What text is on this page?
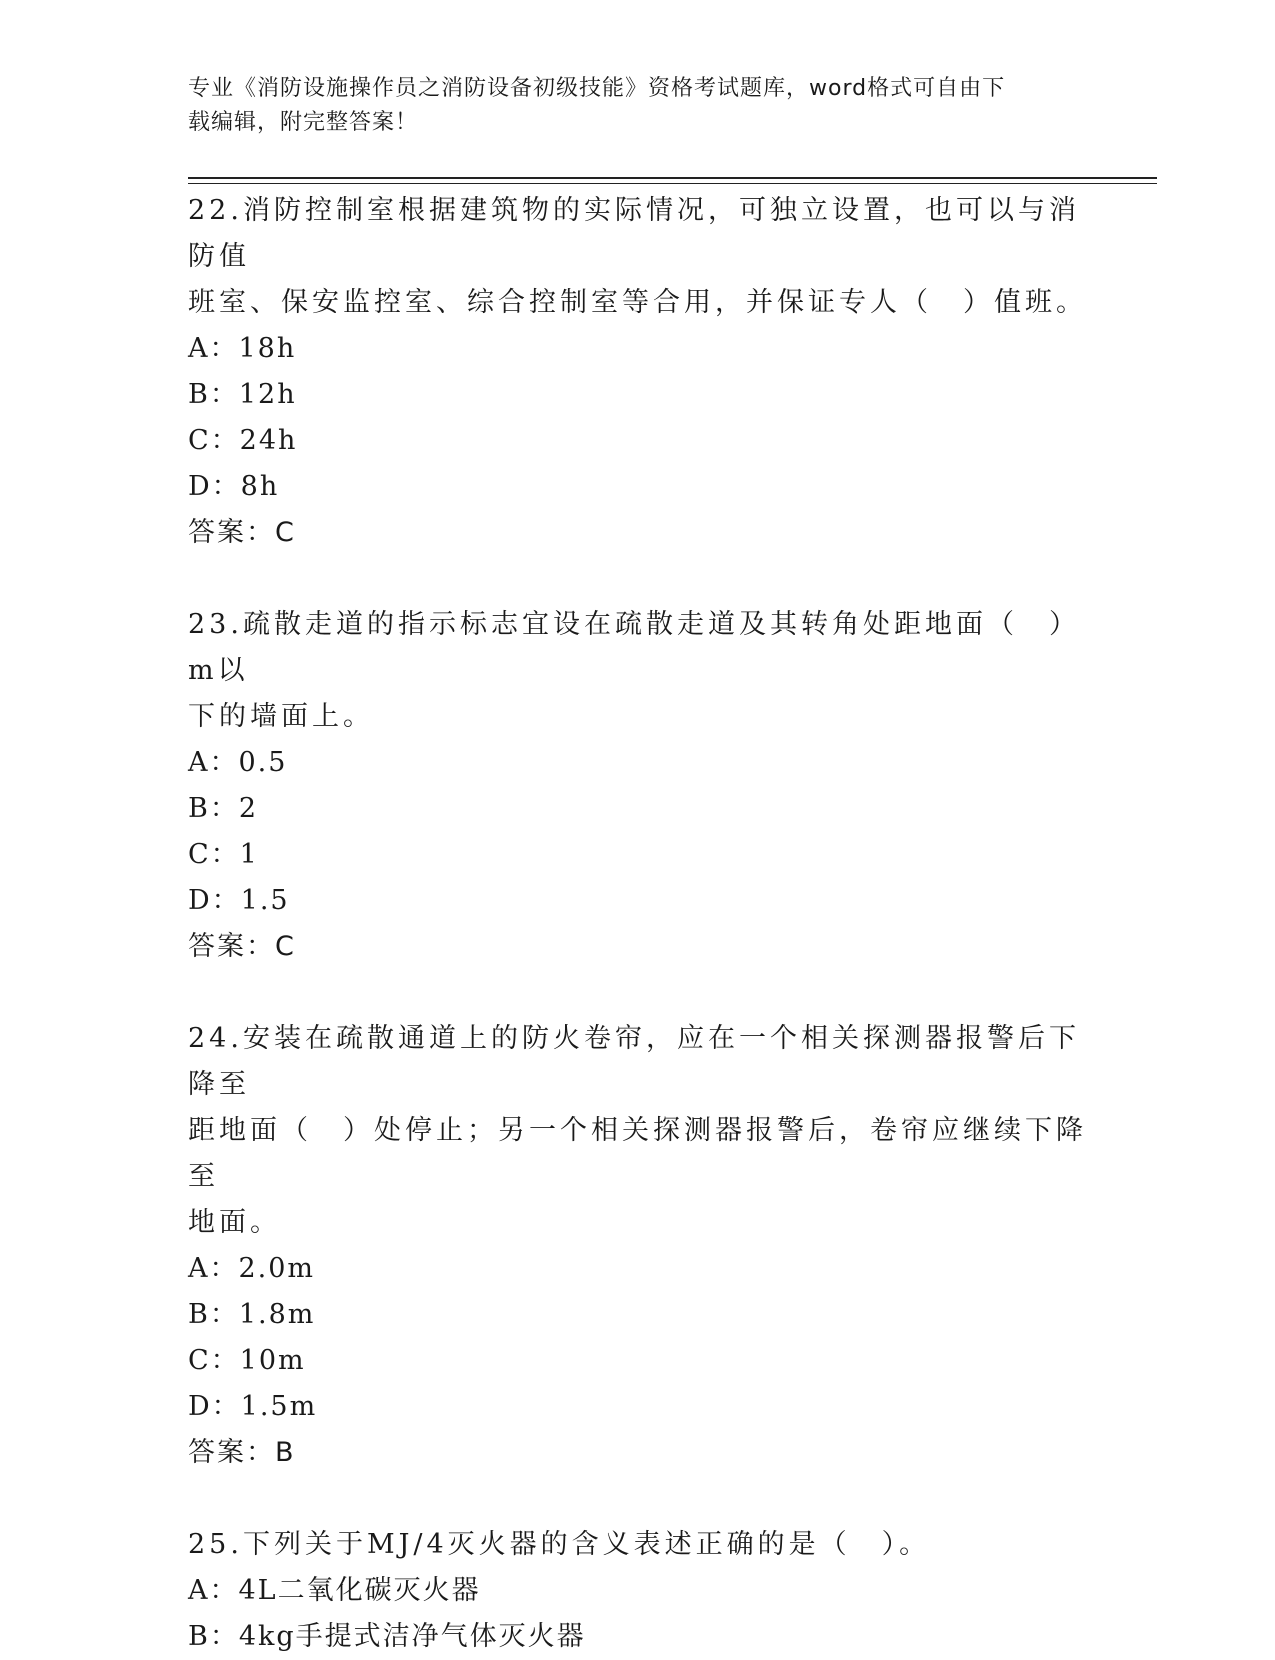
专业《消防设施操作员之消防设备初级技能》资格考试题库，word格式可自由下
载编辑，附完整答案！
22.消防控制室根据建筑物的实际情况，可独立设置，也可以与消防值
班室、保安监控室、综合控制室等合用，并保证专人（　）值班。
A：18h
B：12h
C：24h
D：8h
答案：C
23.疏散走道的指示标志宜设在疏散走道及其转角处距地面（　）m以
下的墙面上。
A：0.5
B：2
C：1
D：1.5
答案：C
24.安装在疏散通道上的防火卷帘，应在一个相关探测器报警后下降至
距地面（　）处停止；另一个相关探测器报警后，卷帘应继续下降至
地面。
A：2.0m
B：1.8m
C：10m
D：1.5m
答案：B
25.下列关于MJ/4灭火器的含义表述正确的是（　）。
A：4L二氧化碳灭火器
B：4kg手提式洁净气体灭火器
